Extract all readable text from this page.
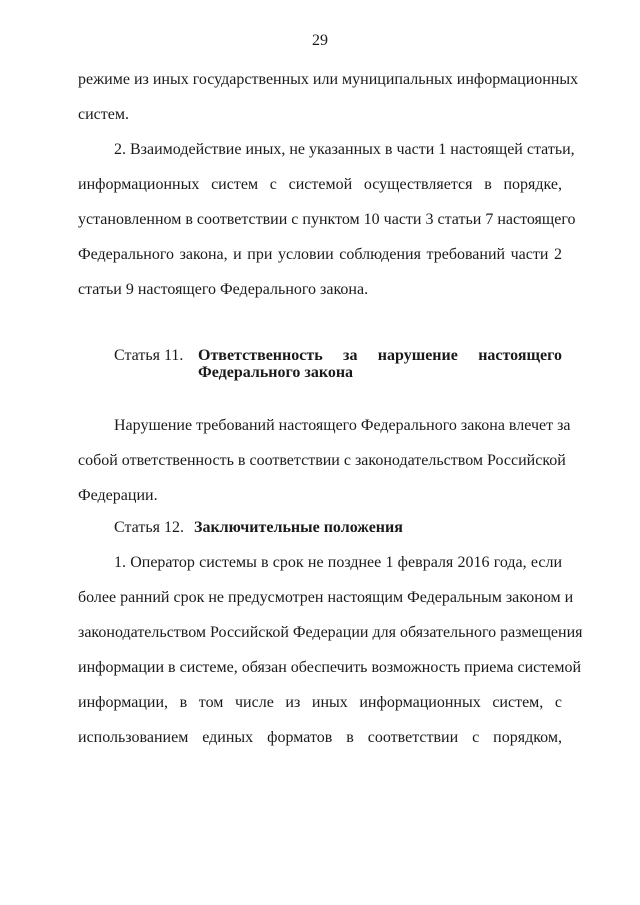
29
режиме из иных государственных или муниципальных информационных
систем.
2. Взаимодействие иных, не указанных в части 1 настоящей статьи,
информационных систем с системой осуществляется в порядке,
установленном в соответствии с пунктом 10 части 3 статьи 7 настоящего
Федерального закона, и при условии соблюдения требований части 2
статьи 9 настоящего Федерального закона.
Статья 11. Ответственность за нарушение настоящего
Федерального закона
Нарушение требований настоящего Федерального закона влечет за
собой ответственность в соответствии с законодательством Российской
Федерации.
Статья 12. Заключительные положения
1. Оператор системы в срок не позднее 1 февраля 2016 года, если
более ранний срок не предусмотрен настоящим Федеральным законом и
законодательством Российской Федерации для обязательного размещения
информации в системе, обязан обеспечить возможность приема системой
информации, в том числе из иных информационных систем, с
использованием единых форматов в соответствии с порядком,
